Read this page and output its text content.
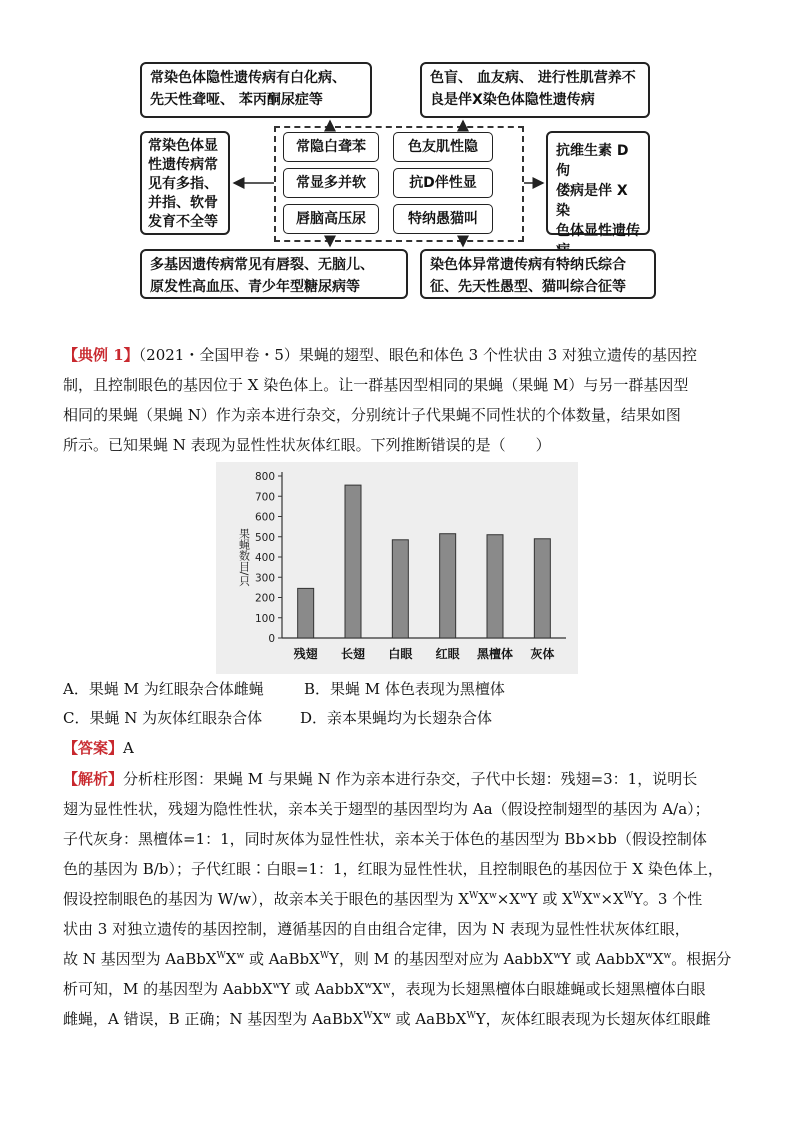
常染色体隐性遗传病有白化病、
先天性聋哑、 苯丙酮尿症等
色盲、 血友病、 进行性肌营养不
良是伴X染色体隐性遗传病
常染色体显
性遗传病常
见有多指、
并指、软骨
发育不全等
抗维生素 D 佝
偻病是伴 X 染
色体显性遗传
多基因遗传病常见有唇裂、无脑儿、
原发性高血压、青少年型糖尿病等
染色体异常遗传病有特纳氏综合
征、先天性愚型、猫叫综合征等
常隐白聋苯
常显多并软
唇脑高压尿
色友肌性隐
抗D伴性显
特纳愚猫叫
【典例 1】（2021・全国甲卷・5）果蝇的翅型、眼色和体色 3 个性状由 3 对独立遗传的基因控
制，且控制眼色的基因位于 X 染色体上。让一群基因型相同的果蝇（果蝇 M）与另一群基因型
相同的果蝇（果蝇 N）作为亲本进行杂交，分别统计子代果蝇不同性状的个体数量，结果如图
所示。已知果蝇 N 表现为显性性状灰体红眼。下列推断错误的是（　　）
0
100
200
300
400
500
600
700
800
果蝇数目/只
残翅 长翅 白眼 红眼 黑檀体 灰体
A．果蝇 M 为红眼杂合体雌蝇	B．果蝇 M 体色表现为黑檀体
C．果蝇 N 为灰体红眼杂合体	D．亲本果蝇均为长翅杂合体
【答案】A
【解析】分析柱形图：果蝇 M 与果蝇 N 作为亲本进行杂交，子代中长翅：残翅=3：1，说明长
翅为显性性状，残翅为隐性性状，亲本关于翅型的基因型均为 Aa（假设控制翅型的基因为 A/a）；
子代灰身：黑檀体=1：1，同时灰体为显性性状，亲本关于体色的基因型为 Bb×bb（假设控制体
色的基因为 B/b）；子代红眼∶白眼=1：1，红眼为显性性状，且控制眼色的基因位于 X 染色体上，
假设控制眼色的基因为 W/w），故亲本关于眼色的基因型为 $X^WX^w\times X^wY$ 或 $X^WX^w\times X^WY$。3 个性
状由 3 对独立遗传的基因控制，遵循基因的自由组合定律，因为 N 表现为显性性状灰体红眼，
故 N 基因型为 $AaBbX^WX^w$ 或 AaBbX$^W$Y，则 M 的基因型对应为 AabbX$^w$Y 或 $AabbX^wX^w$。根据分
析可知，M 的基因型为 AabbX$^w$Y 或 $AabbX^wX^w$，表现为长翅黑檀体白眼雄蝇或长翅黑檀体白眼
雌蝇，A 错误，B 正确；N 基因型为 $AaBbX^WX^w$ 或 AaBbX$^W$Y，灰体红眼表现为长翅灰体红眼雌
